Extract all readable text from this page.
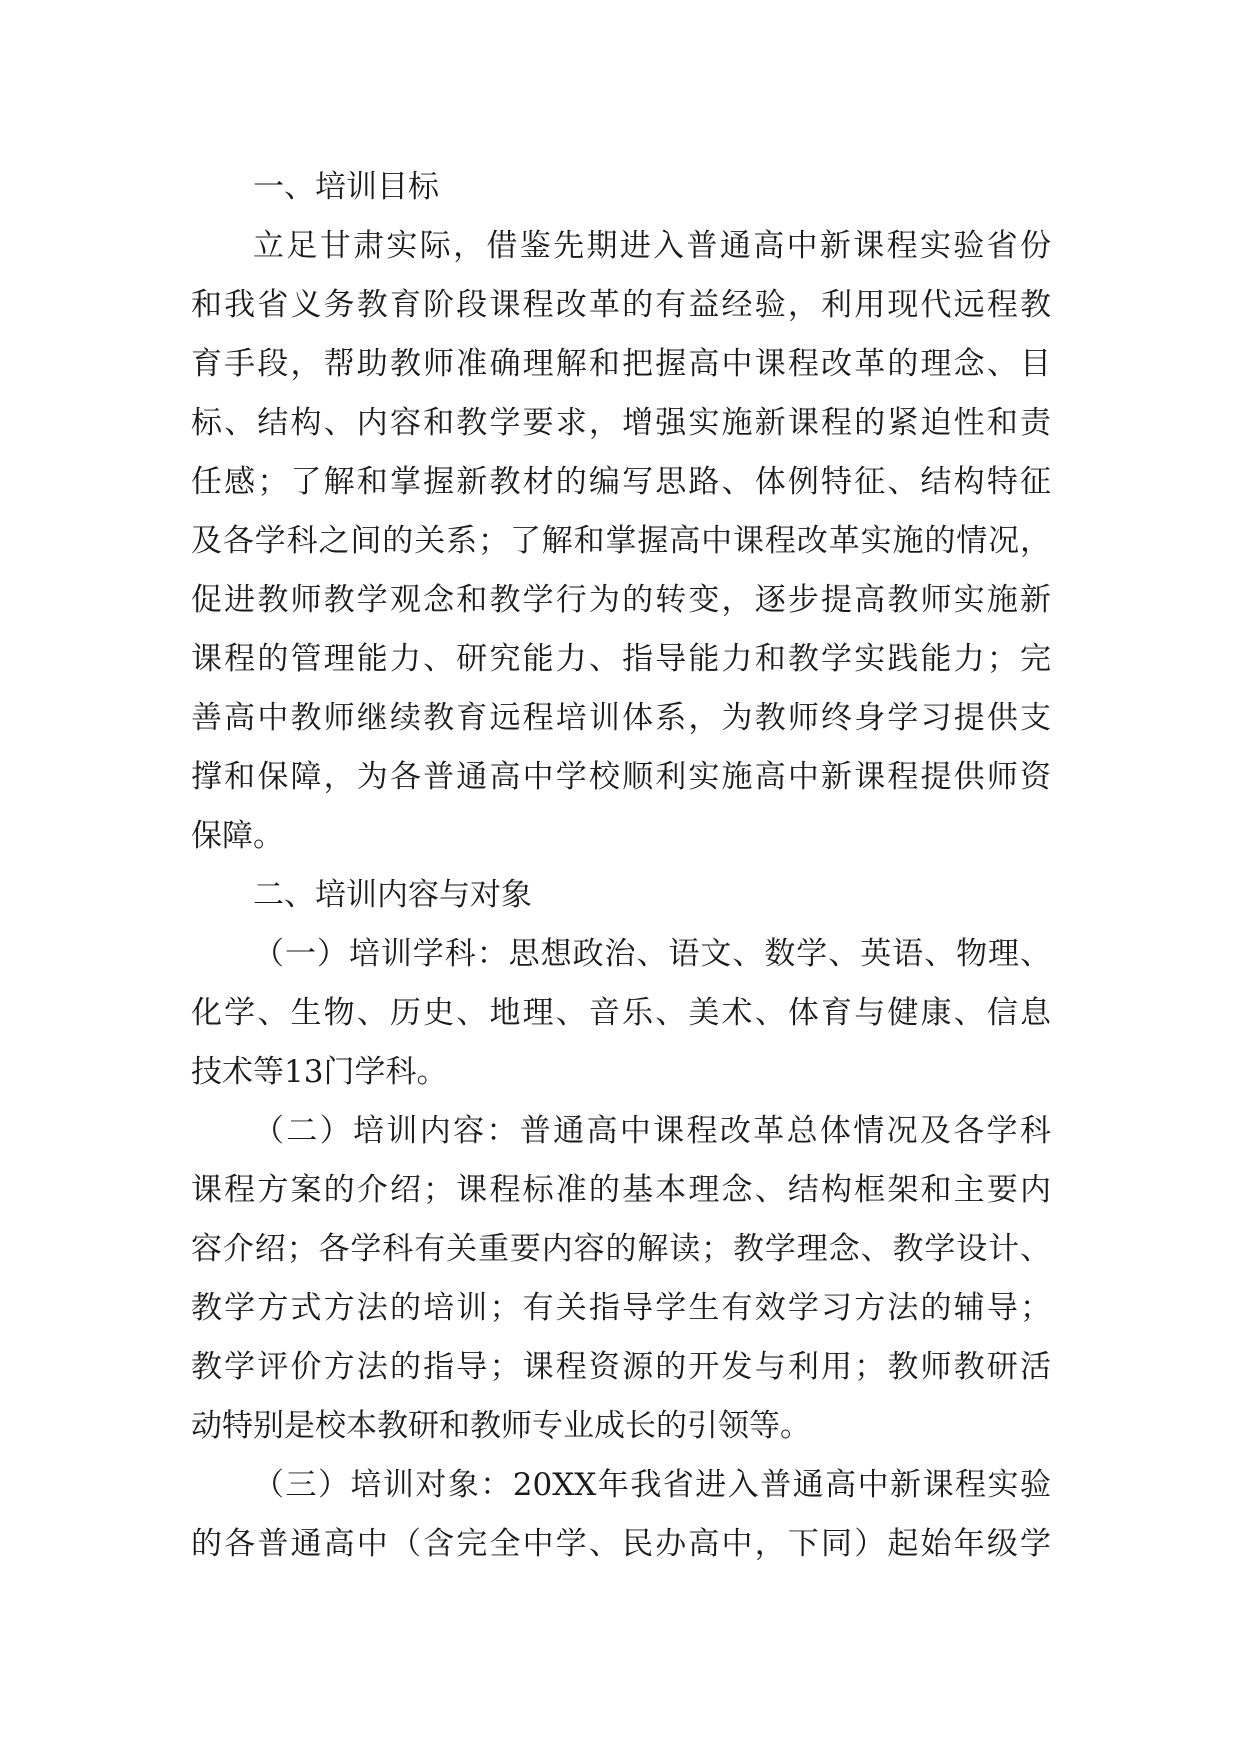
一、培训目标
立足甘肃实际，借鉴先期进入普通高中新课程实验省份
和我省义务教育阶段课程改革的有益经验，利用现代远程教
育手段，帮助教师准确理解和把握高中课程改革的理念、目
标、结构、内容和教学要求，增强实施新课程的紧迫性和责
任感；了解和掌握新教材的编写思路、体例特征、结构特征
及各学科之间的关系；了解和掌握高中课程改革实施的情况，
促进教师教学观念和教学行为的转变，逐步提高教师实施新
课程的管理能力、研究能力、指导能力和教学实践能力；完
善高中教师继续教育远程培训体系，为教师终身学习提供支
撑和保障，为各普通高中学校顺利实施高中新课程提供师资
保障。
二、培训内容与对象
（一）培训学科：思想政治、语文、数学、英语、物理、
化学、生物、历史、地理、音乐、美术、体育与健康、信息
技术等13门学科。
（二）培训内容：普通高中课程改革总体情况及各学科
课程方案的介绍；课程标准的基本理念、结构框架和主要内
容介绍；各学科有关重要内容的解读；教学理念、教学设计、
教学方式方法的培训；有关指导学生有效学习方法的辅导；
教学评价方法的指导；课程资源的开发与利用；教师教研活
动特别是校本教研和教师专业成长的引领等。
（三）培训对象：20XX年我省进入普通高中新课程实验
的各普通高中（含完全中学、民办高中，下同）起始年级学
